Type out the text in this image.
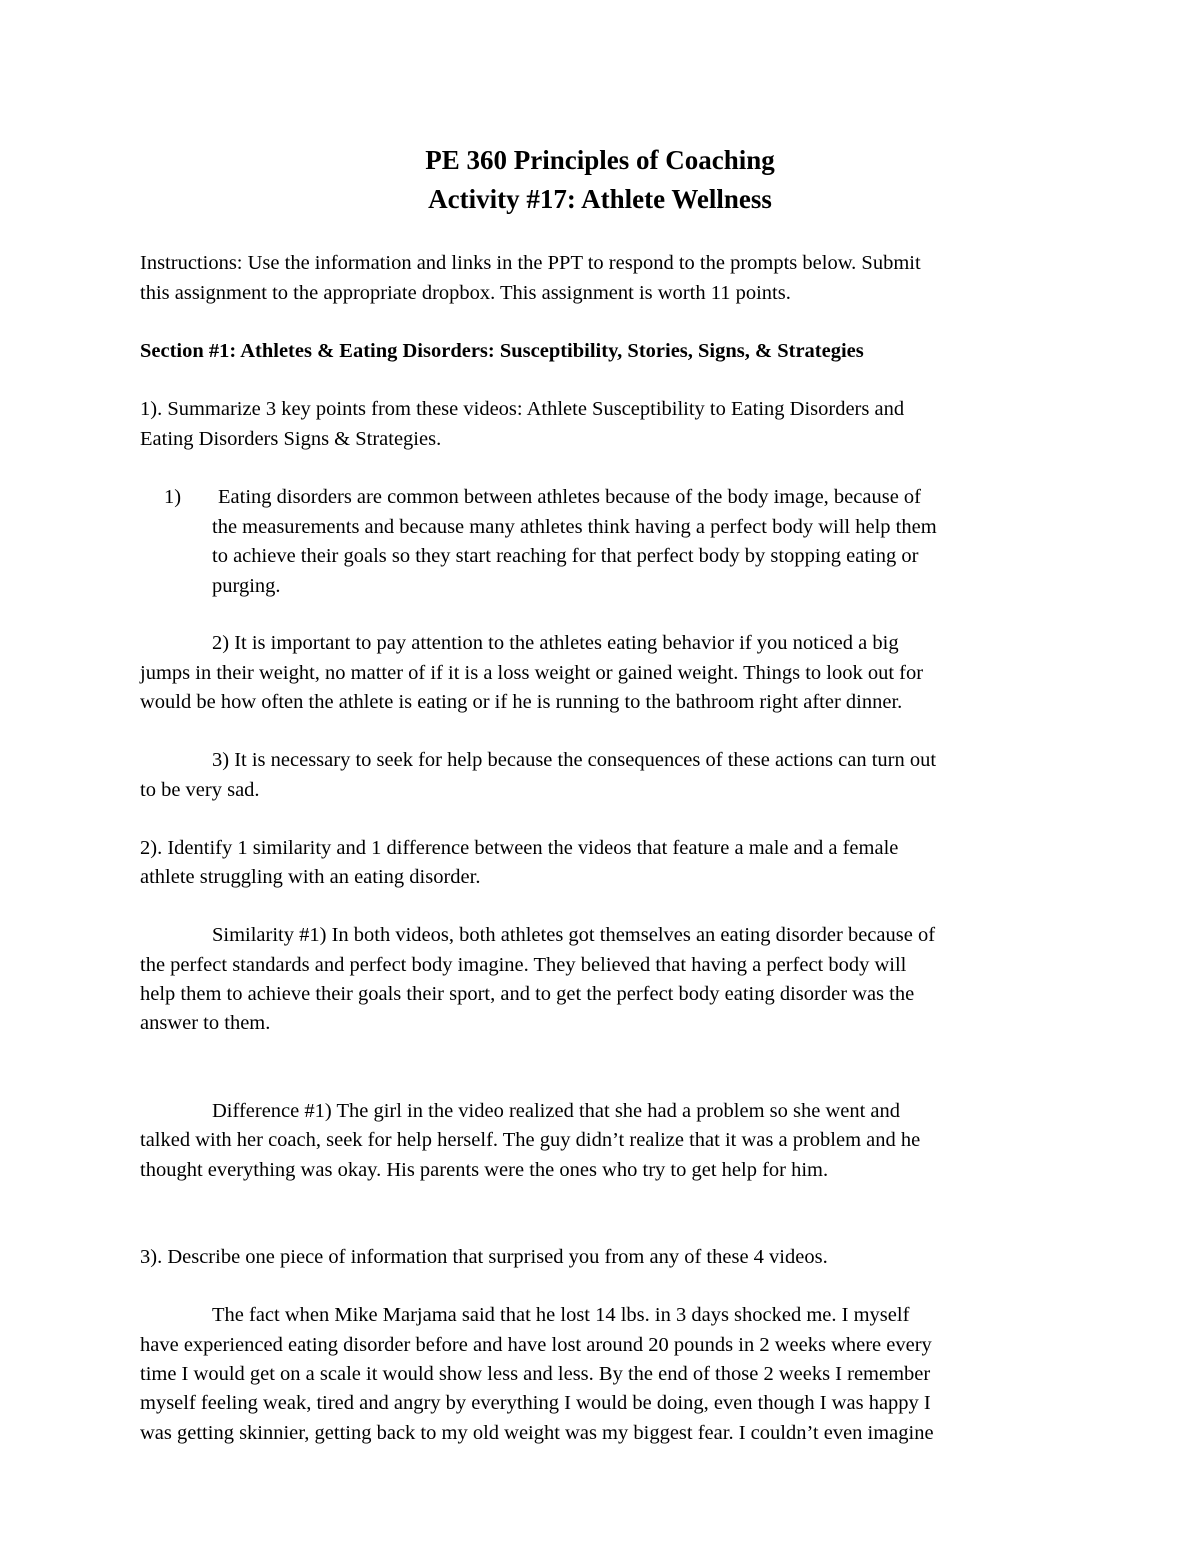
PE 360 Principles of Coaching

Activity #17: Athlete Wellness

Instructions: Use the information and links in the PPT to respond to the prompts below. Submit

this assignment to the appropriate dropbox. This assignment is worth 11 points.

Section #1: Athletes & Eating Disorders: Susceptibility, Stories, Signs, & Strategies

1). Summarize 3 key points from these videos: Athlete Susceptibility to Eating Disorders and

Eating Disorders Signs & Strategies.

1) Eating disorders are common between athletes because of the body image, because of

the measurements and because many athletes think having a perfect body will help them

to achieve their goals so they start reaching for that perfect body by stopping eating or

purging.

2) It is important to pay attention to the athletes eating behavior if you noticed a big

jumps in their weight, no matter of if it is a loss weight or gained weight. Things to look out for

would be how often the athlete is eating or if he is running to the bathroom right after dinner.

3) It is necessary to seek for help because the consequences of these actions can turn out

to be very sad.

2). Identify 1 similarity and 1 difference between the videos that feature a male and a female

athlete struggling with an eating disorder.

Similarity #1) In both videos, both athletes got themselves an eating disorder because of

the perfect standards and perfect body imagine. They believed that having a perfect body will

help them to achieve their goals their sport, and to get the perfect body eating disorder was the

answer to them.

Difference #1) The girl in the video realized that she had a problem so she went and

talked with her coach, seek for help herself. The guy didn’t realize that it was a problem and he

thought everything was okay. His parents were the ones who try to get help for him.

3). Describe one piece of information that surprised you from any of these 4 videos.

The fact when Mike Marjama said that he lost 14 lbs. in 3 days shocked me. I myself

have experienced eating disorder before and have lost around 20 pounds in 2 weeks where every

time I would get on a scale it would show less and less. By the end of those 2 weeks I remember

myself feeling weak, tired and angry by everything I would be doing, even though I was happy I

was getting skinnier, getting back to my old weight was my biggest fear. I couldn’t even imagine
